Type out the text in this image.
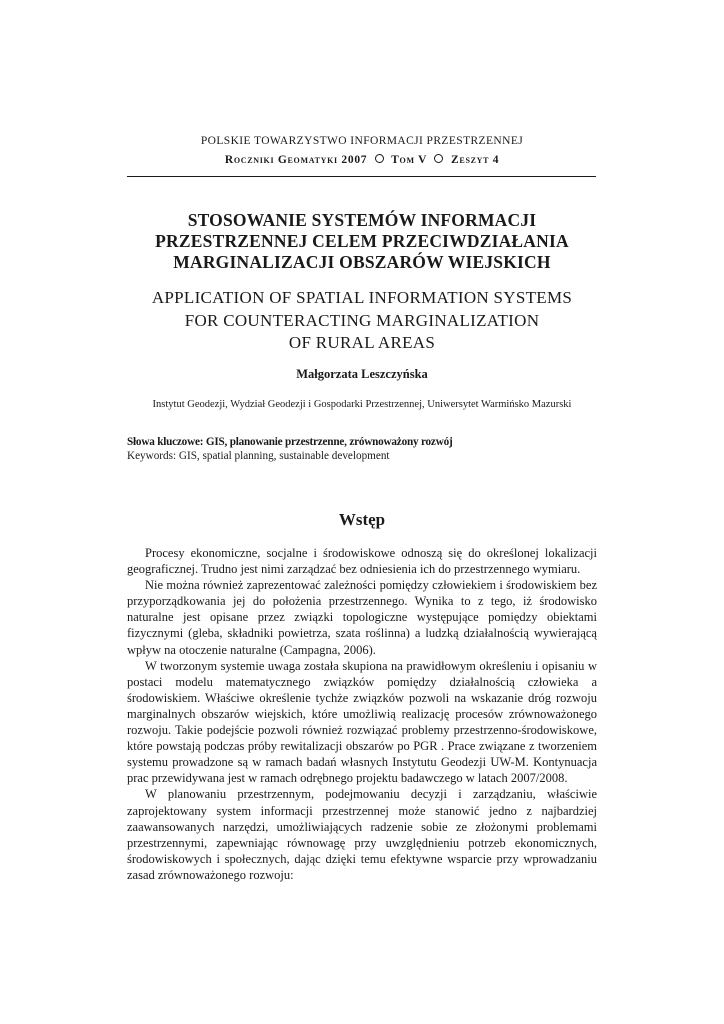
POLSKIE TOWARZYSTWO INFORMACJI PRZESTRZENNEJ
Roczniki Geomatyki 2007 Tom V Zeszyt 4
STOSOWANIE SYSTEMÓW INFORMACJI
PRZESTRZENNEJ CELEM PRZECIWDZIAŁANIA
MARGINALIZACJI OBSZARÓW WIEJSKICH
APPLICATION OF SPATIAL INFORMATION SYSTEMS
FOR COUNTERACTING MARGINALIZATION
OF RURAL AREAS
Małgorzata Leszczyńska
Instytut Geodezji, Wydział Geodezji i Gospodarki Przestrzennej, Uniwersytet Warmińsko Mazurski
Słowa kluczowe: GIS, planowanie przestrzenne, zrównoważony rozwój
Keywords: GIS, spatial planning, sustainable development
Wstęp

Procesy ekonomiczne, socjalne i środowiskowe odnoszą się do określonej lokalizacji geograficznej. Trudno jest nimi zarządzać bez odniesienia ich do przestrzennego wymiaru.

Nie można również zaprezentować zależności pomiędzy człowiekiem i środowiskiem bez przyporządkowania jej do położenia przestrzennego. Wynika to z tego, iż środowisko naturalne jest opisane przez związki topologiczne występujące pomiędzy obiektami fizycznymi (gleba, składniki powietrza, szata roślinna) a ludzką działalnością wywierającą wpływ na otoczenie naturalne (Campagna, 2006).

W tworzonym systemie uwaga została skupiona na prawidłowym określeniu i opisaniu w postaci modelu matematycznego związków pomiędzy działalnością człowieka a środowiskiem. Właściwe określenie tychże związków pozwoli na wskazanie dróg rozwoju marginalnych obszarów wiejskich, które umożliwią realizację procesów zrównoważonego rozwoju. Takie podejście pozwoli również rozwiązać problemy przestrzenno-środowiskowe, które powstają podczas próby rewitalizacji obszarów po PGR . Prace związane z tworzeniem systemu prowadzone są w ramach badań własnych Instytutu Geodezji UW-M. Kontynuacja prac przewidywana jest w ramach odrębnego projektu badawczego w latach 2007/2008.

W planowaniu przestrzennym, podejmowaniu decyzji i zarządzaniu, właściwie zaprojektowany system informacji przestrzennej może stanowić jedno z najbardziej zaawansowanych narzędzi, umożliwiających radzenie sobie ze złożonymi problemami przestrzennymi, zapewniając równowagę przy uwzględnieniu potrzeb ekonomicznych, środowiskowych i społecznych, dając dzięki temu efektywne wsparcie przy wprowadzaniu zasad zrównoważonego rozwoju:
